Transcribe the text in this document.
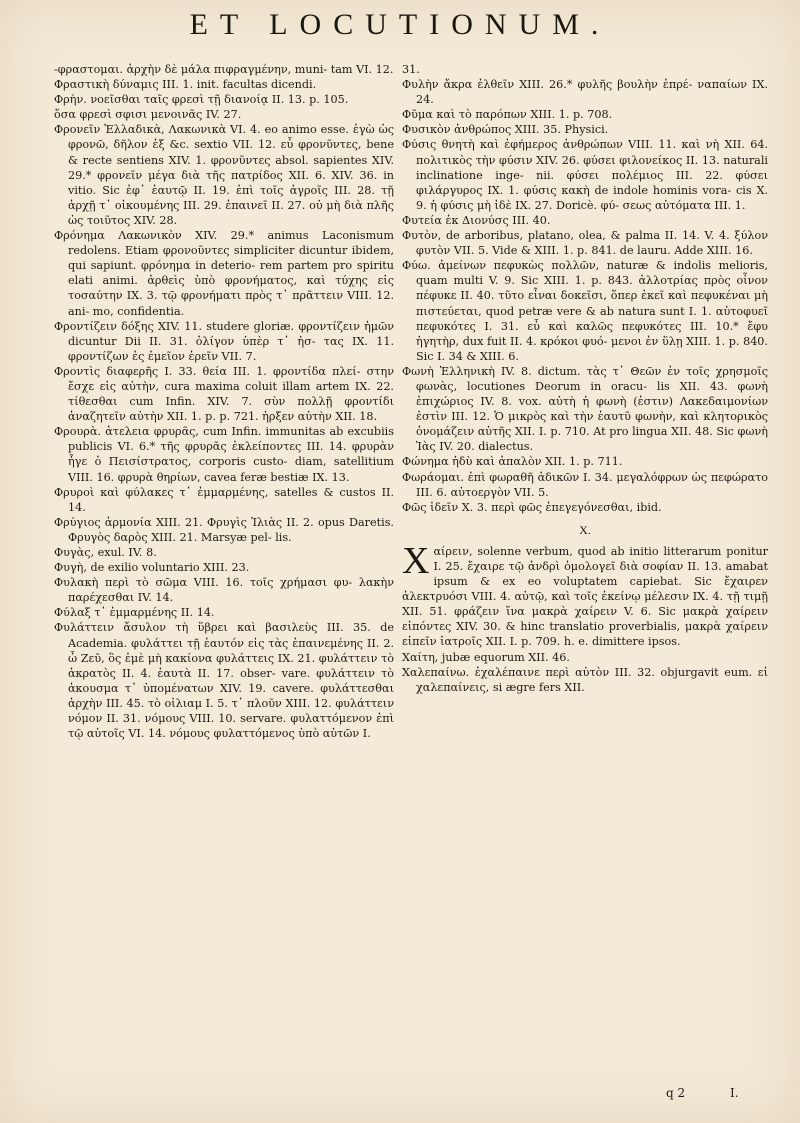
ET LOCUTIONUM.

-φραστομαι. ἀρχὴν δὲ μάλα πιφραγμένην, muni- tam VI. 12.

Φραστικὴ δύναμις III. 1. init. facultas dicendi.

Φρὴν. νοεῖσθαι ταῖς φρεσὶ τῇ διανοίᾳ II. 13. p. 105.

ὅσα φρεσὶ σφισι μενοινᾶς IV. 27.

Φρονεῖν Ἐλλαδικὰ, Λακωνικὰ VI. 4. eo animo esse. ἐγὼ ὡς φρονῶ, δῆλον ἐξ &c. sextio VII. 12. εὖ φρονῦντες, bene & recte sentiens XIV. 1. φρονῦντες absol. sapientes XIV. 29.* φρονεῖν μέγα διὰ τῆς πατρίδος XII. 6. XIV. 36. in vitio. Sic ἐφ᾽ ἑαυτῷ II. 19. ἐπὶ τοῖς ἀγροῖς III. 28. τῇ ἀρχῇ τ᾽ οἰκουμένης III. 29. ἐπαινεῖ II. 27. οὐ μὴ διὰ πλῆς ὡς τοιῦτος XIV. 28.

Φρόνημα Λακωνικὸν XIV. 29.* animus Laconismum redolens. Etiam φρονοῦντες simpliciter dicuntur ibidem, qui sapiunt. φρόνημα in deterio- rem partem pro spiritu elati animi. ἀρθεὶς ὑπὸ φρονήματος, καὶ τύχης εἰς τοσαύτην IX. 3. τῷ φρονήματι πρὸς τ᾽ πρᾶττειν VIII. 12. ani- mo, confidentia.

Φροντίζειν δόξης XIV. 11. studere gloriæ. φροντίζειν ἡμῶν dicuntur Dii II. 31. ὀλίγον ὑπὲρ τ᾽ ἡσ- τας IX. 11. φροντίζων ἐς ἐμεῖον ἐρεῖν VII. 7.

Φροντὶς διαφερῆς I. 33. θεία III. 1. φροντίδα πλεί- στην ἔσχε εἰς αὐτὴν, cura maxima coluit illam artem IX. 22. τίθεσθαι cum Infin. XIV. 7. σὺν πολλῇ φροντίδι ἀναζητεῖν αὐτὴν XII. 1. p. p. 721. ἠρξεν αὐτὴν XII. 18.

Φρουρὰ. ἀτελεια φρυρᾶς, cum Infin. immunitas ab excubiis publicis VI. 6.* τῆς φρυρᾶς ἐκλείποντες III. 14. φρυρὰν ἦγε ὁ Πεισίστρατος, corporis custo- diam, satellitium VIII. 16. φρυρὰ θηρίων, cavea feræ bestiæ IX. 13.

Φρυροὶ καὶ φύλακες τ᾽ ἐμμαρμένης, satelles & custos II. 14.

Φρύγιος ἀρμονία XIII. 21. Φρυγὶς Ἰλιὰς II. 2. opus Daretis. Φρυγὸς δαρὸς XIII. 21. Marsyæ pel- lis.

Φυγὰς, exul. IV. 8.

Φυγὴ, de exilio voluntario XIII. 23.

Φυλακὴ περὶ τὸ σῶμα VIII. 16. τοῖς χρήμασι φυ- λακὴν παρέχεσθαι IV. 14.

Φύλαξ τ᾽ ἐμμαρμένης II. 14.

Φυλάττειν ἄσυλον τὴ ὕβρει καὶ βασιλεὺς III. 35. de Academia. φυλάττει τῇ ἑαυτόν εἰς τὰς ἐπαινεμένης II. 2. ὦ Ζεῦ, ὃς ἐμὲ μὴ κακίονα φυλάττεις IX. 21. φυλάττειν τὸ ἀκρατὸς II. 4. ἑαυτὰ II. 17. obser- vare. φυλάττειν τὸ ἀκουσμα τ᾽ ὑπομένατων XIV. 19. cavere. φυλάττεσθαι ἀρχὴν III. 45. τὸ οἰλιαμ I. 5. τ᾽ πλοῦν XIII. 12. φυλάττειν νόμον II. 31. νόμους VIII. 10. servare. φυλαττόμενον ἐπὶ τῷ αὐτοῖς VI. 14. νόμους φυλαττόμενος ὑπὸ αὐτῶν I.

31.

Φυλὴν ἄκρα ἐλθεῖν XIII. 26.* φυλῆς βουλὴν ἐπρέ- ναπαίων IX. 24.

Φῦμα καὶ τὸ παρόπων XIII. 1. p. 708.

Φυσικὸν ἀνθρώπος XIII. 35. Physici.

Φύσις θνητὴ καὶ ἐφήμερος ἀνθρώπων VIII. 11. καὶ νὴ XII. 64. πολιτικὸς τὴν φύσιν XIV. 26. φύσει φιλονείκος II. 13. naturali inclinatione inge- nii. φύσει πολέμιος III. 22. φύσει φιλάργυρος IX. 1. φύσις κακὴ de indole hominis vora- cis X. 9. ἡ φύσις μὴ ἰδὲ IX. 27. Doricè. φύ- σεως αὐτόματα III. 1.

Φυτεία ἐκ Διονύσς III. 40.

Φυτὸν, de arboribus, platano, olea, & palma II. 14. V. 4. ξύλον φυτὸν VII. 5. Vide & XIII. 1. p. 841. de lauru. Adde XIII. 16.

Φύω. ἀμείνων πεφυκὼς πολλῶν, naturæ & indolis melioris, quam multi V. 9. Sic XIII. 1. p. 843. ἀλλοτρίας πρὸς οἶνον πέφυκε II. 40. τῦτο εἶναι δοκεῖσι, ὅπερ ἐκεῖ καὶ πεφυκέναι μὴ πιστεύεται, quod petræ vere & ab natura sunt I. 1. αὐτοφυεῖ πεφυκότες I. 31. εὖ καὶ καλῶς πεφυκότες III. 10.* ἔφυ ἡγητὴρ, dux fuit II. 4. κρόκοι φυό- μενοι ἐν ὕλῃ XIII. 1. p. 840. Sic I. 34 & XIII. 6.

Φωνὴ Ἑλληνικὴ IV. 8. dictum. τὰς τ᾽ Θεῶν ἐν τοῖς χρησμοῖς φωνὰς, locutiones Deorum in oracu- lis XII. 43. φωνὴ ἐπιχώριος IV. 8. vox. αὐτὴ ἡ φωνὴ (ἐστιν) Λακεδαιμονίων ἐστὶν III. 12. Ὁ μικρὸς καὶ τὴν ἑαυτῦ φωνὴν, καὶ κλητορικὸς ὀνομάζειν αὐτῆς XII. I. p. 710. At pro lingua XII. 48. Sic φωνὴ Ἰὰς IV. 20. dialectus.

Φώνημα ἡδὺ καὶ ἀπαλὸν XII. 1. p. 711.

Φωράομαι. ἐπὶ φωραθῆ ἀδικῶν I. 34. μεγαλόφρων ὡς πεφώρατο III. 6. αὐτοεργὸν VII. 5.

Φῶς ἰδεῖν X. 3. περὶ φῶς ἐπεγεγόνεσθαι, ibid.

X.

Xαίρειν, solenne verbum, quod ab initio litterarum ponitur I. 25. ἔχαιρε τῷ ἀνδρὶ ὁμολογεῖ διὰ σοφίαν II. 13. amabat ipsum & ex eo voluptatem capiebat. Sic ἔχαιρεν ἀλεκτρυόσι VIII. 4. αὐτῷ, καὶ τοῖς ἐκείνῳ μέλεσιν IX. 4. τῇ τιμῇ XII. 51. φράζειν ἵνα μακρὰ χαίρειν V. 6. Sic μακρὰ χαίρειν εἰπόντες XIV. 30. & hinc translatio proverbialis, μακρὰ χαίρειν εἰπεῖν ἰατροῖς XII. I. p. 709. h. e. dimittere ipsos.

Χαίτη, jubæ equorum XII. 46.

Χαλεπαίνω. ἐχαλέπαινε περὶ αὐτὸν III. 32. objurgavit eum. εἰ χαλεπαίνεις, si ægre fers XII.

q 2	I.
